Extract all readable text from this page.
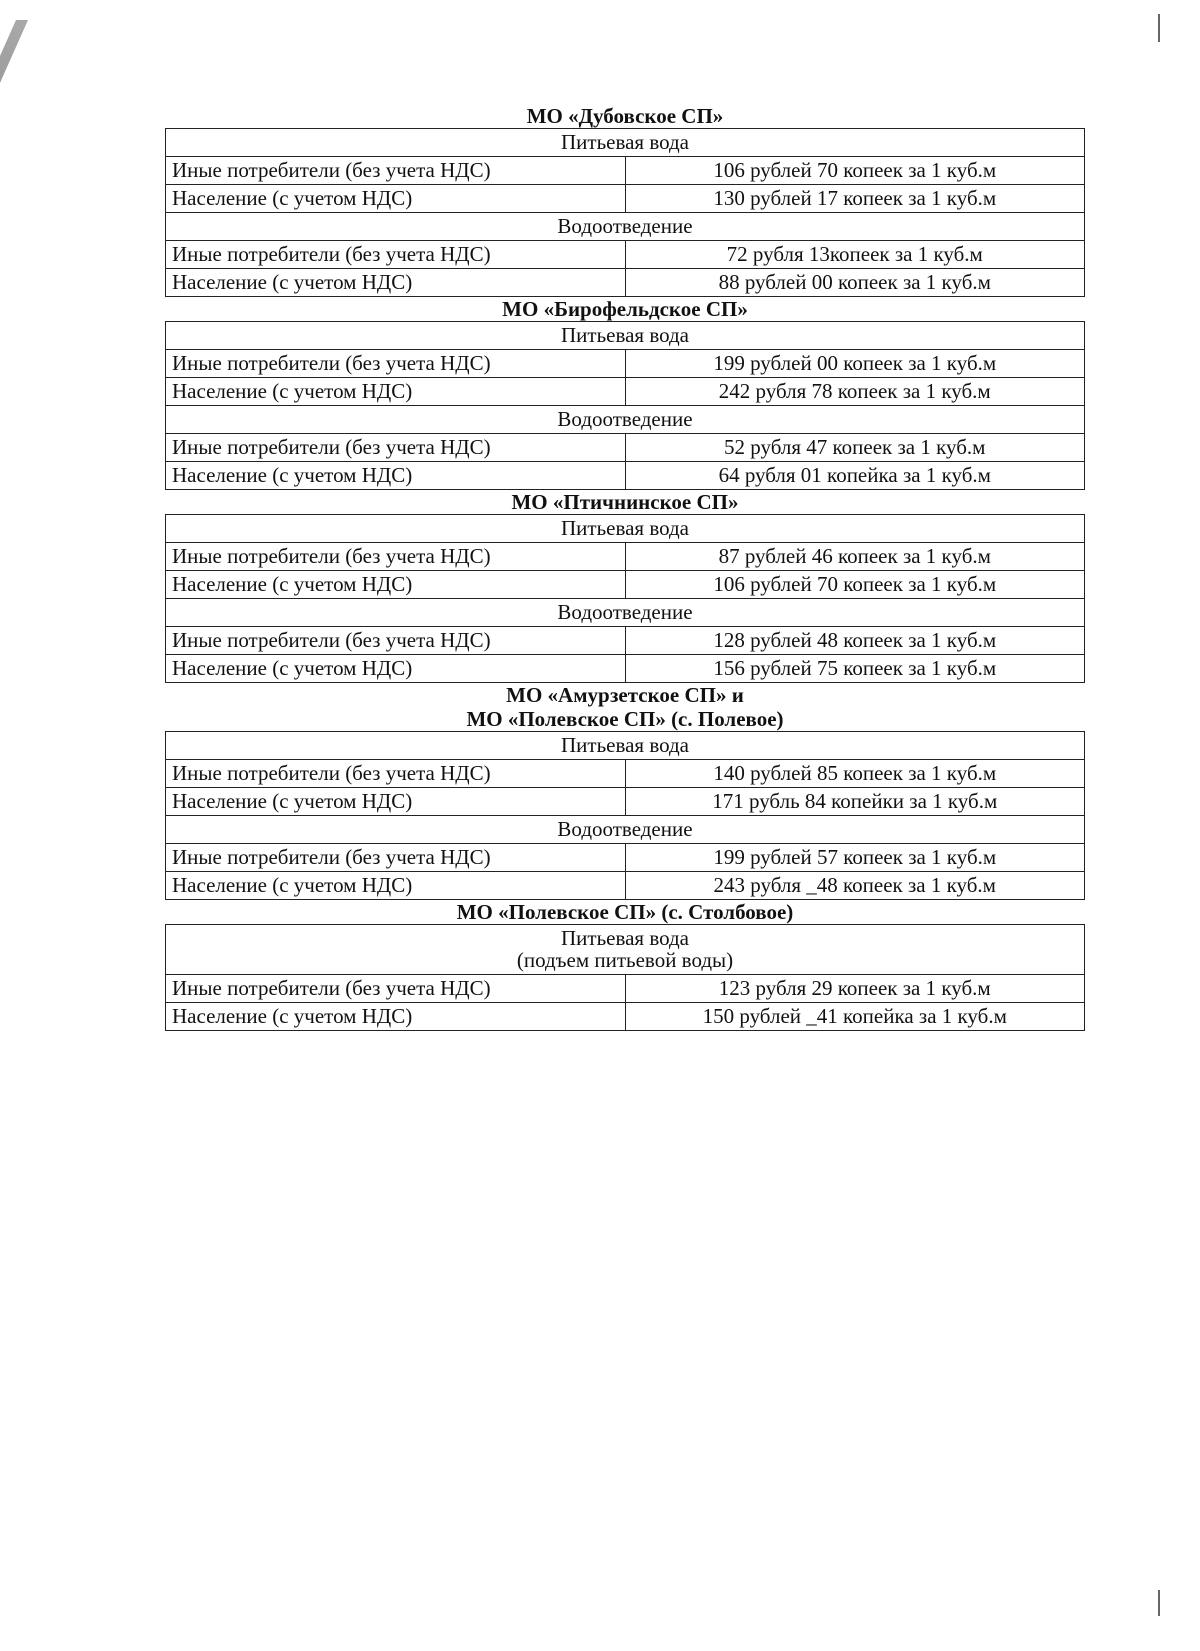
МО «Дубовское СП»
Питьевая вода	

Иные потребители (без учета НДС)	106 рублей 70 копеек за 1 куб.м
Население (с учетом НДС)	130 рублей 17 копеек за 1 куб.м

Водоотведение	

Иные потребители (без учета НДС)	72 рубля 13копеек за 1 куб.м
Население (с учетом НДС)	88 рублей 00 копеек за 1 куб.м
МО «Бирофельдское СП»
Питьевая вода	

Иные потребители (без учета НДС)	199 рублей 00 копеек за 1 куб.м
Население (с учетом НДС)	242 рубля 78 копеек за 1 куб.м

Водоотведение	

Иные потребители (без учета НДС)	52 рубля 47 копеек за 1 куб.м
Население (с учетом НДС)	64 рубля 01 копейка за 1 куб.м
МО «Птичнинское СП»
Питьевая вода	

Иные потребители (без учета НДС)	87 рублей 46 копеек за 1 куб.м
Население (с учетом НДС)	106 рублей 70 копеек за 1 куб.м

Водоотведение	

Иные потребители (без учета НДС)	128 рублей 48 копеек за 1 куб.м
Население (с учетом НДС)	156 рублей 75 копеек за 1 куб.м
МО «Амурзетское СП» и
МО «Полевское СП» (с. Полевое)
Питьевая вода	

Иные потребители (без учета НДС)	140 рублей 85 копеек за 1 куб.м
Население (с учетом НДС)	171 рубль 84 копейки за 1 куб.м

Водоотведение	

Иные потребители (без учета НДС)	199 рублей 57 копеек за 1 куб.м
Население (с учетом НДС)	243 рубля _48 копеек за 1 куб.м
МО «Полевское СП» (с. Столбовое)
Питьевая вода
(подъем питьевой воды)	

Иные потребители (без учета НДС)	123 рубля 29 копеек за 1 куб.м
Население (с учетом НДС)	150 рублей _41 копейка за 1 куб.м
